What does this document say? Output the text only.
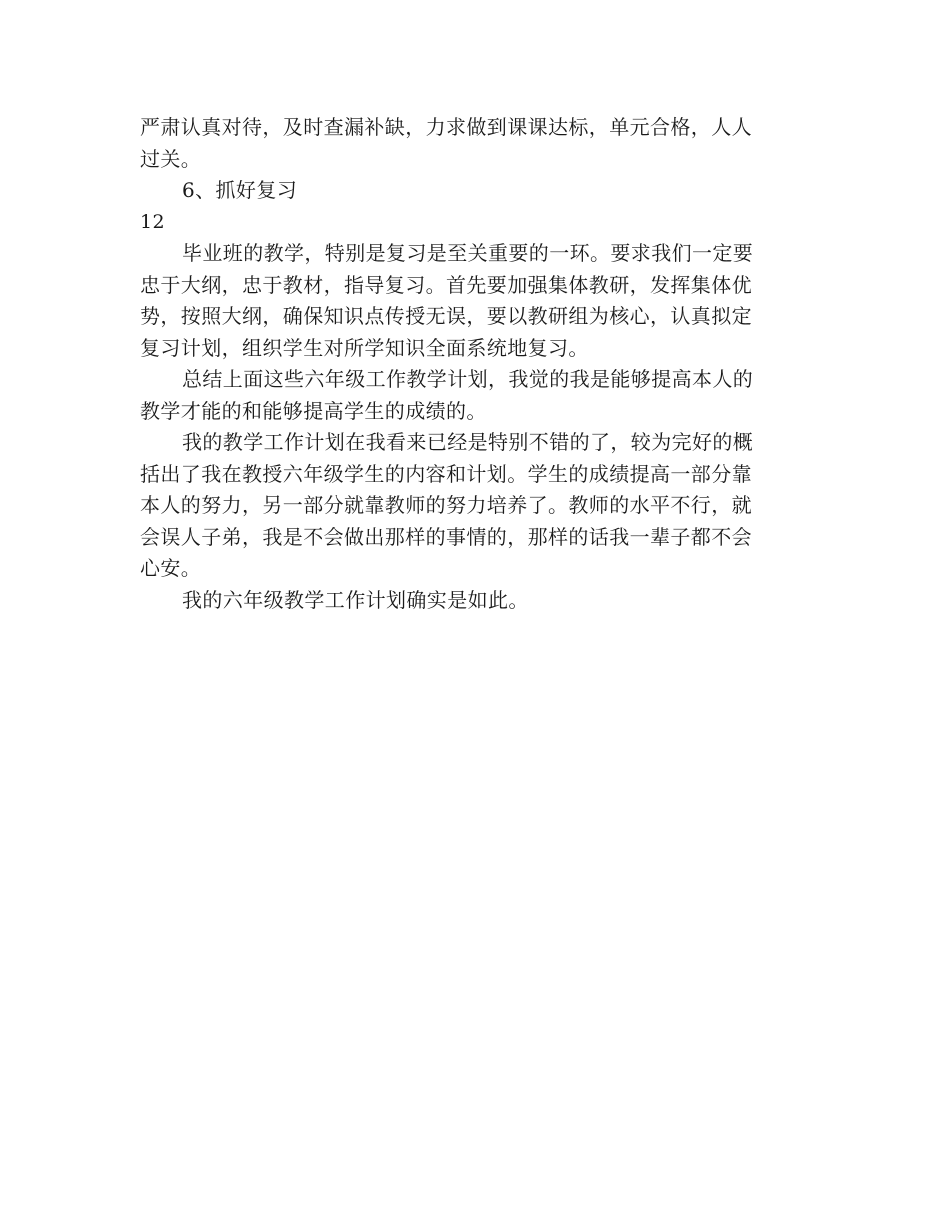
严肃认真对待，及时查漏补缺，力求做到课课达标，单元合格，人人
过关。
6、抓好复习
12
毕业班的教学，特别是复习是至关重要的一环。要求我们一定要
忠于大纲，忠于教材，指导复习。首先要加强集体教研，发挥集体优
势，按照大纲，确保知识点传授无误，要以教研组为核心，认真拟定
复习计划，组织学生对所学知识全面系统地复习。
总结上面这些六年级工作教学计划，我觉的我是能够提高本人的
教学才能的和能够提高学生的成绩的。
我的教学工作计划在我看来已经是特别不错的了，较为完好的概
括出了我在教授六年级学生的内容和计划。学生的成绩提高一部分靠
本人的努力，另一部分就靠教师的努力培养了。教师的水平不行，就
会误人子弟，我是不会做出那样的事情的，那样的话我一辈子都不会
心安。
我的六年级教学工作计划确实是如此。
